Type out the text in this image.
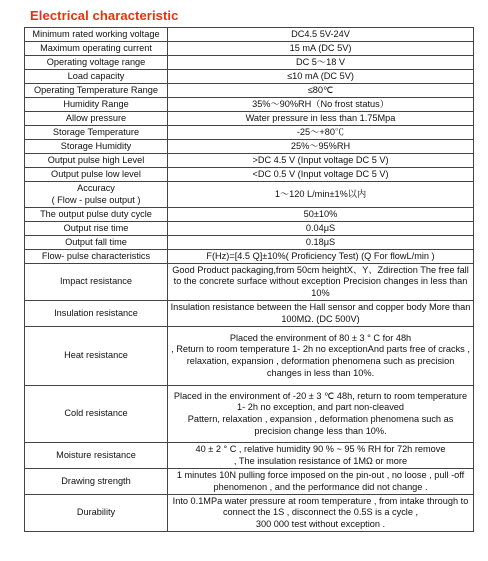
Electrical characteristic
Minimum rated working voltage	DC4.5 5V-24V
Maximum operating current	15 mA (DC 5V)
Operating voltage range	DC 5～18 V
Load capacity	≤10 mA (DC 5V)
Operating Temperature Range	≤80℃
Humidity Range	35%～90%RH（No frost status）
Allow pressure	Water pressure in less than 1.75Mpa
Storage Temperature	-25～+80℃
Storage Humidity	25%～95%RH
Output pulse high Level	>DC 4.5 V (Input voltage DC 5 V)
Output pulse low level	<DC 0.5 V (Input voltage DC 5 V)
Accuracy
( Flow - pulse output )	1～120 L/min±1%以内
The output pulse duty cycle	50±10%
Output rise time	0.04μS
Output fall time	0.18μS
Flow- pulse characteristics	F(Hz)=[4.5 Q]±10%( Proficiency Test) (Q For flowL/min )
Impact resistance	Good Product packaging,from 50cm heightX、Y、Zdirection The free fall to the concrete surface without exception Precision changes in less than 10%
Insulation resistance	Insulation resistance between the Hall sensor and copper body More than 100MΩ. (DC 500V)
Heat resistance	Placed the environment of 80 ± 3 ° C for 48h
, Return to room temperature 1- 2h no exceptionAnd parts free of cracks , relaxation, expansion , deformation phenomena such as precision changes in less than 10%.
Cold resistance	Placed in the environment of -20 ± 3 ℃ 48h, return to room temperature 1- 2h no exception, and part non-cleaved
Pattern, relaxation , expansion , deformation phenomena such as precision change less than 10%.
Moisture resistance	40 ± 2 ° C , relative humidity 90 % ~ 95 % RH for 72h remove
, The insulation resistance of 1MΩ or more
Drawing strength	1 minutes 10N pulling force imposed on the pin-out , no loose , pull -off phenomenon , and the performance did not change .
Durability	Into 0.1MPa water pressure at room temperature , from intake through to connect the 1S , disconnect the 0.5S is a cycle ,
300 000 test without exception .
